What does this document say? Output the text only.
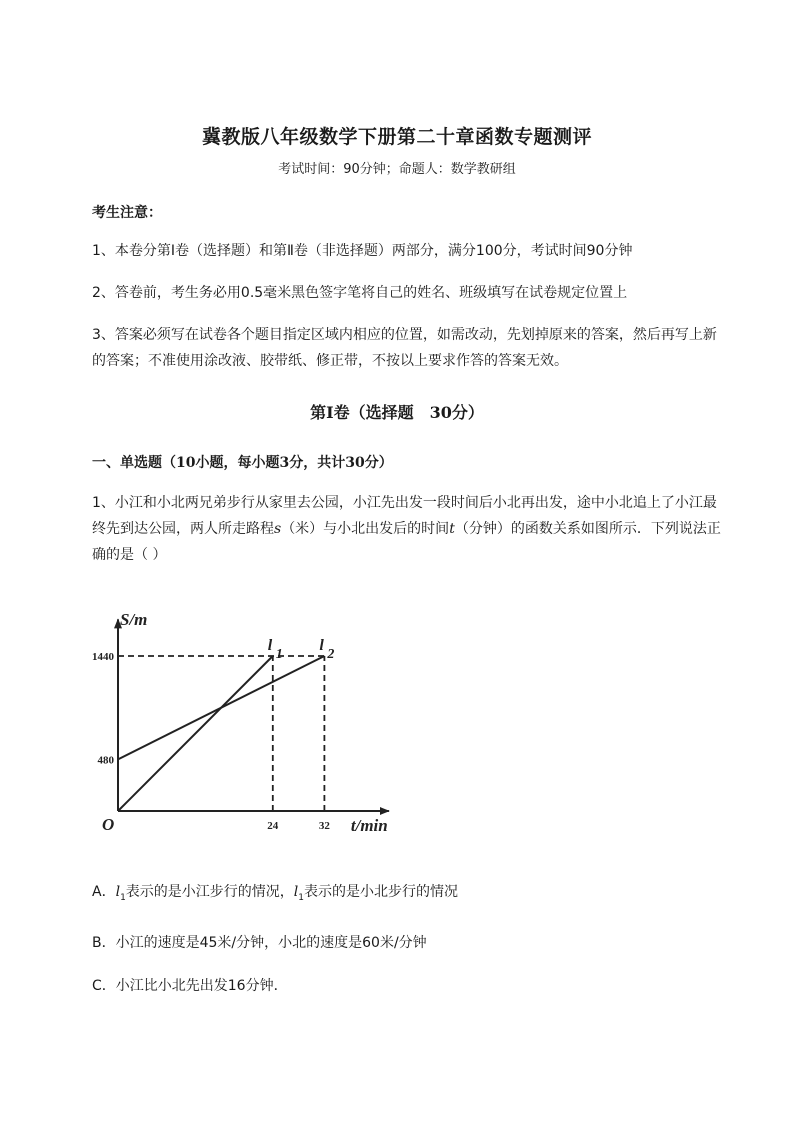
冀教版八年级数学下册第二十章函数专题测评
考试时间：90分钟；命题人：数学教研组
考生注意：
1、本卷分第I卷（选择题）和第Ⅱ卷（非选择题）两部分，满分100分，考试时间90分钟
2、答卷前，考生务必用0.5毫米黑色签字笔将自己的姓名、班级填写在试卷规定位置上
3、答案必须写在试卷各个题目指定区域内相应的位置，如需改动，先划掉原来的答案，然后再写上新的答案；不准使用涂改液、胶带纸、修正带，不按以上要求作答的答案无效。
第I卷（选择题　30分）
一、单选题（10小题，每小题3分，共计30分）
1、小江和小北两兄弟步行从家里去公园，小江先出发一段时间后小北再出发，途中小北追上了小江最终先到达公园，两人所走路程s（米）与小北出发后的时间t（分钟）的函数关系如图所示．下列说法正确的是（ ）
l
1
l
2
480
1440
24	32
O
S/m
t/min
A．$l_1$表示的是小江步行的情况，$l_1$表示的是小北步行的情况
B．小江的速度是45米/分钟，小北的速度是60米/分钟
C．小江比小北先出发16分钟．
